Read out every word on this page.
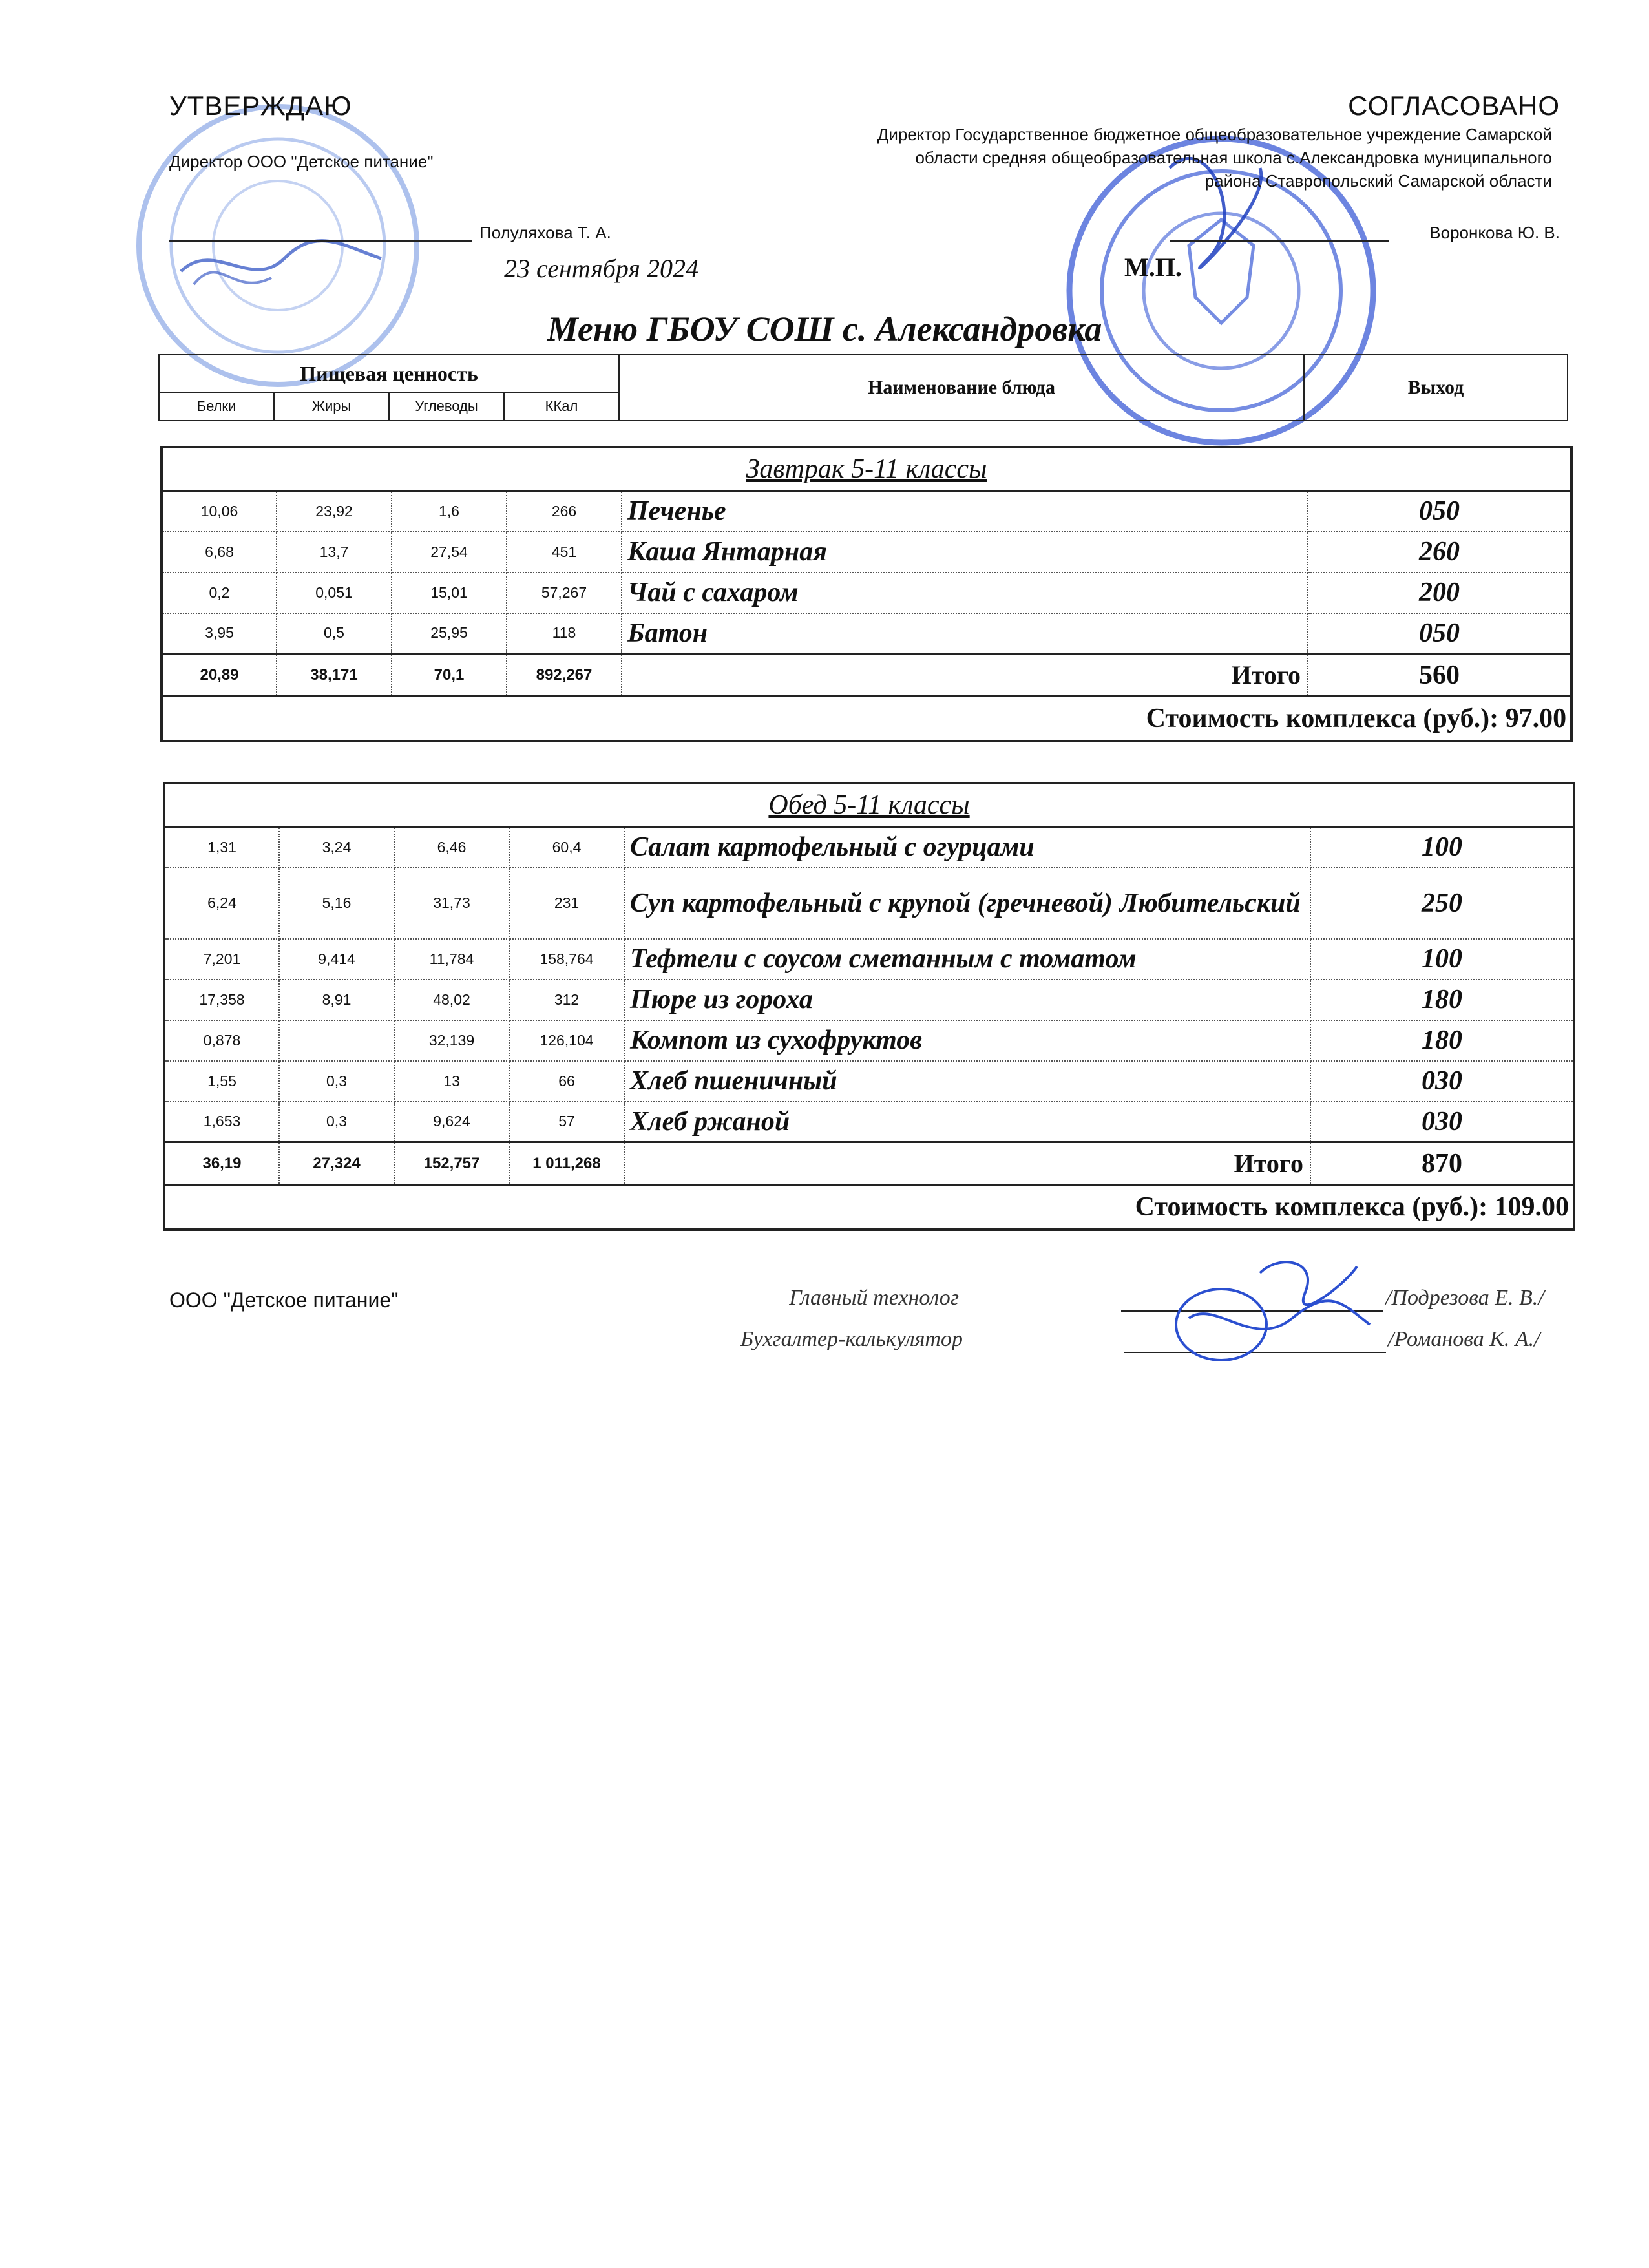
УТВЕРЖДАЮ
Директор ООО "Детское питание"
Полуляхова Т. А.
23 сентября 2024
СОГЛАСОВАНО
Директор Государственное бюджетное общеобразовательное учреждение Самарской
области средняя общеобразовательная школа с.Александровка муниципального
района Ставропольский Самарской области
Воронкова Ю. В.
М.П.
Меню ГБОУ СОШ с. Александровка
Пищевая ценность				Наименование блюда	Выход
Белки	Жиры	Углеводы	ККал		
Завтрак 5-11 классы					
10,06	23,92	1,6	266	Печенье	050
6,68	13,7	27,54	451	Каша Янтарная	260
0,2	0,051	15,01	57,267	Чай с сахаром	200
3,95	0,5	25,95	118	Батон	050
20,89	38,171	70,1	892,267	Итого	560
Стоимость комплекса (руб.): 97.00					
Обед 5-11 классы					
1,31	3,24	6,46	60,4	Салат картофельный с огурцами	100
6,24	5,16	31,73	231	Суп картофельный с крупой (гречневой) Любительский	250
7,201	9,414	11,784	158,764	Тефтели с соусом сметанным с томатом	100
17,358	8,91	48,02	312	Пюре из гороха	180
0,878		32,139	126,104	Компот из сухофруктов	180
1,55	0,3	13	66	Хлеб пшеничный	030
1,653	0,3	9,624	57	Хлеб ржаной	030
36,19	27,324	152,757	1 011,268	Итого	870
Стоимость комплекса (руб.): 109.00					
ООО "Детское питание"	Главный технолог	/Подрезова Е. В./
Бухгалтер-калькулятор	/Романова К. А./
